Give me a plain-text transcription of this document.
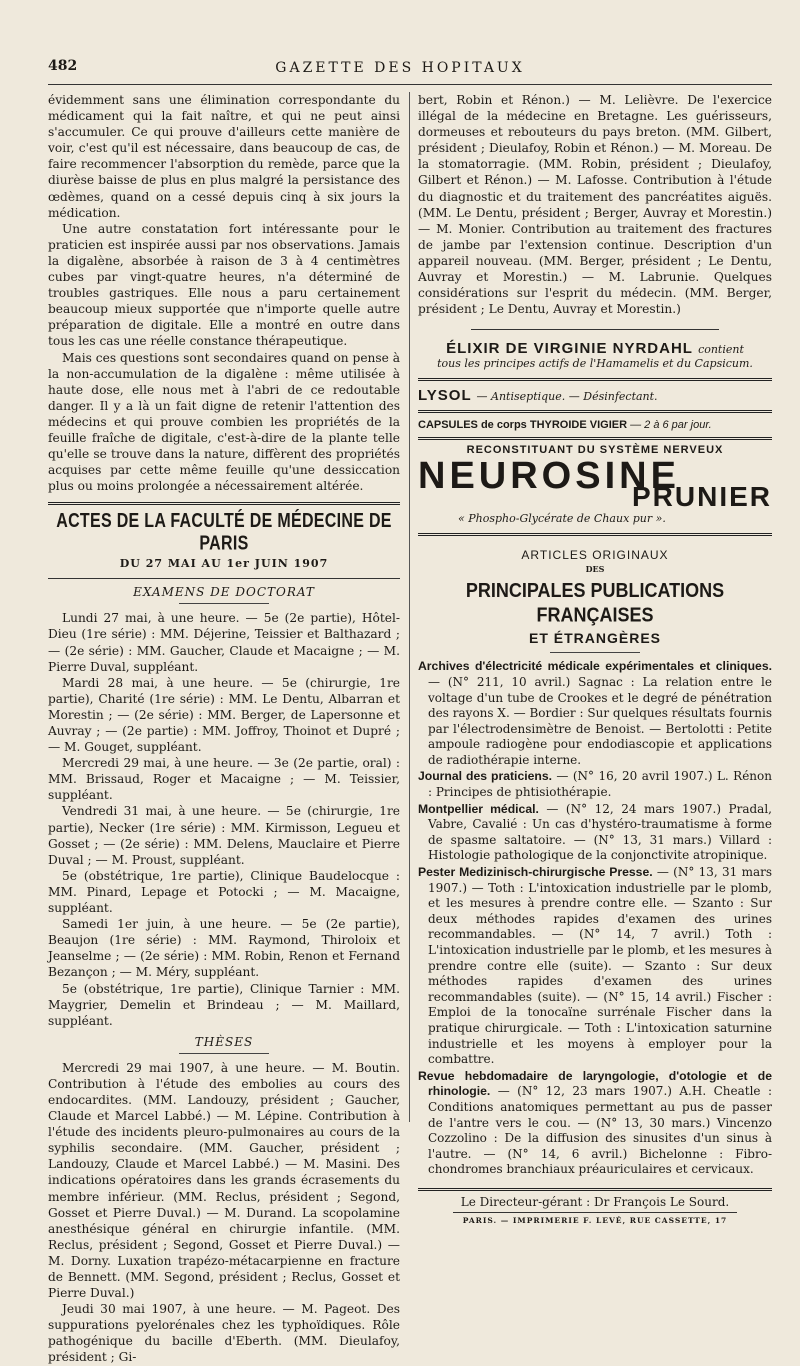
482	GAZETTE DES HOPITAUX

évidemment sans une élimination correspondante du médicament qui la fait naître, et qui ne peut ainsi s'accumuler. Ce qui prouve d'ailleurs cette manière de voir, c'est qu'il est nécessaire, dans beaucoup de cas, de faire recommencer l'absorption du remède, parce que la diurèse baisse de plus en plus malgré la persistance des œdèmes, quand on a cessé depuis cinq à six jours la médication.

Une autre constatation fort intéressante pour le praticien est inspirée aussi par nos observations. Jamais la digalène, absorbée à raison de 3 à 4 centimètres cubes par vingt-quatre heures, n'a déterminé de troubles gastriques. Elle nous a paru certainement beaucoup mieux supportée que n'importe quelle autre préparation de digitale. Elle a montré en outre dans tous les cas une réelle constance thérapeutique.

Mais ces questions sont secondaires quand on pense à la non-accumulation de la digalène : même utilisée à haute dose, elle nous met à l'abri de ce redoutable danger. Il y a là un fait digne de retenir l'attention des médecins et qui prouve combien les propriétés de la feuille fraîche de digitale, c'est-à-dire de la plante telle qu'elle se trouve dans la nature, diffèrent des propriétés acquises par cette même feuille qu'une dessiccation plus ou moins prolongée a nécessairement altérée.

ACTES DE LA FACULTÉ DE MÉDECINE DE PARIS
DU 27 MAI AU 1er JUIN 1907
EXAMENS DE DOCTORAT

Lundi 27 mai, à une heure. — 5e (2e partie), Hôtel-Dieu (1re série) : MM. Déjerine, Teissier et Balthazard ; — (2e série) : MM. Gaucher, Claude et Macaigne ; — M. Pierre Duval, suppléant.

Mardi 28 mai, à une heure. — 5e (chirurgie, 1re partie), Charité (1re série) : MM. Le Dentu, Albarran et Morestin ; — (2e série) : MM. Berger, de Lapersonne et Auvray ; — (2e partie) : MM. Joffroy, Thoinot et Dupré ; — M. Gouget, suppléant.

Mercredi 29 mai, à une heure. — 3e (2e partie, oral) : MM. Brissaud, Roger et Macaigne ; — M. Teissier, suppléant.

Vendredi 31 mai, à une heure. — 5e (chirurgie, 1re partie), Necker (1re série) : MM. Kirmisson, Legueu et Gosset ; — (2e série) : MM. Delens, Mauclaire et Pierre Duval ; — M. Proust, suppléant.

5e (obstétrique, 1re partie), Clinique Baudelocque : MM. Pinard, Lepage et Potocki ; — M. Macaigne, suppléant.

Samedi 1er juin, à une heure. — 5e (2e partie), Beaujon (1re série) : MM. Raymond, Thiroloix et Jeanselme ; — (2e série) : MM. Robin, Renon et Fernand Bezançon ; — M. Méry, suppléant.

5e (obstétrique, 1re partie), Clinique Tarnier : MM. Maygrier, Demelin et Brindeau ; — M. Maillard, suppléant.

THÈSES

Mercredi 29 mai 1907, à une heure. — M. Boutin. Contribution à l'étude des embolies au cours des endocardites. (MM. Landouzy, président ; Gaucher, Claude et Marcel Labbé.) — M. Lépine. Contribution à l'étude des incidents pleuro-pulmonaires au cours de la syphilis secondaire. (MM. Gaucher, président ; Landouzy, Claude et Marcel Labbé.) — M. Masini. Des indications opératoires dans les grands écrasements du membre inférieur. (MM. Reclus, président ; Segond, Gosset et Pierre Duval.) — M. Durand. La scopolamine anesthésique général en chirurgie infantile. (MM. Reclus, président ; Segond, Gosset et Pierre Duval.) — M. Dorny. Luxation trapézo-métacarpienne en fracture de Bennett. (MM. Segond, président ; Reclus, Gosset et Pierre Duval.)

Jeudi 30 mai 1907, à une heure. — M. Pageot. Des suppurations pyelorénales chez les typhoïdiques. Rôle pathogénique du bacille d'Eberth. (MM. Dieulafoy, président ; Gi-

bert, Robin et Rénon.) — M. Lelièvre. De l'exercice illégal de la médecine en Bretagne. Les guérisseurs, dormeuses et rebouteurs du pays breton. (MM. Gilbert, président ; Dieulafoy, Robin et Rénon.) — M. Moreau. De la stomatorragie. (MM. Robin, président ; Dieulafoy, Gilbert et Rénon.) — M. Lafosse. Contribution à l'étude du diagnostic et du traitement des pancréatites aiguës. (MM. Le Dentu, président ; Berger, Auvray et Morestin.) — M. Monier. Contribution au traitement des fractures de jambe par l'extension continue. Description d'un appareil nouveau. (MM. Berger, président ; Le Dentu, Auvray et Morestin.) — M. Labrunie. Quelques considérations sur l'esprit du médecin. (MM. Berger, président ; Le Dentu, Auvray et Morestin.)

ÉLIXIR DE VIRGINIE NYRDAHL contient
tous les principes actifs de l'Hamamelis et du Capsicum.
LYSOL — Antiseptique. — Désinfectant.
CAPSULES de corps THYROIDE VIGIER — 2 à 6 par jour.
RECONSTITUANT DU SYSTÈME NERVEUX
NEUROSINE
PRUNIER
« Phospho-Glycérate de Chaux pur ».
ARTICLES ORIGINAUX
DES
PRINCIPALES PUBLICATIONS FRANÇAISES
ET ÉTRANGÈRES

Archives d'électricité médicale expérimentales et cliniques. — (N° 211, 10 avril.) Sagnac : La relation entre le voltage d'un tube de Crookes et le degré de pénétration des rayons X. — Bordier : Sur quelques résultats fournis par l'électrodensimètre de Benoist. — Bertolotti : Petite ampoule radiogène pour endodiascopie et applications de radiothérapie interne.

Journal des praticiens. — (N° 16, 20 avril 1907.) L. Rénon : Principes de phtisiothérapie.

Montpellier médical. — (N° 12, 24 mars 1907.) Pradal, Vabre, Cavalié : Un cas d'hystéro-traumatisme à forme de spasme saltatoire. — (N° 13, 31 mars.) Villard : Histologie pathologique de la conjonctivite atropinique.

Pester Medizinisch-chirurgische Presse. — (N° 13, 31 mars 1907.) — Toth : L'intoxication industrielle par le plomb, et les mesures à prendre contre elle. — Szanto : Sur deux méthodes rapides d'examen des urines recommandables. — (N° 14, 7 avril.) Toth : L'intoxication industrielle par le plomb, et les mesures à prendre contre elle (suite). — Szanto : Sur deux méthodes rapides d'examen des urines recommandables (suite). — (N° 15, 14 avril.) Fischer : Emploi de la tonocaïne surrénale Fischer dans la pratique chirurgicale. — Toth : L'intoxication saturnine industrielle et les moyens à employer pour la combattre.

Revue hebdomadaire de laryngologie, d'otologie et de rhinologie. — (N° 12, 23 mars 1907.) A.H. Cheatle : Conditions anatomiques permettant au pus de passer de l'antre vers le cou. — (N° 13, 30 mars.) Vincenzo Cozzolino : De la diffusion des sinusites d'un sinus à l'autre. — (N° 14, 6 avril.) Bichelonne : Fibro-chondromes branchiaux préauriculaires et cervicaux.

Le Directeur-gérant : Dr François Le Sourd.
PARIS. — IMPRIMERIE F. LEVÉ, RUE CASSETTE, 17
